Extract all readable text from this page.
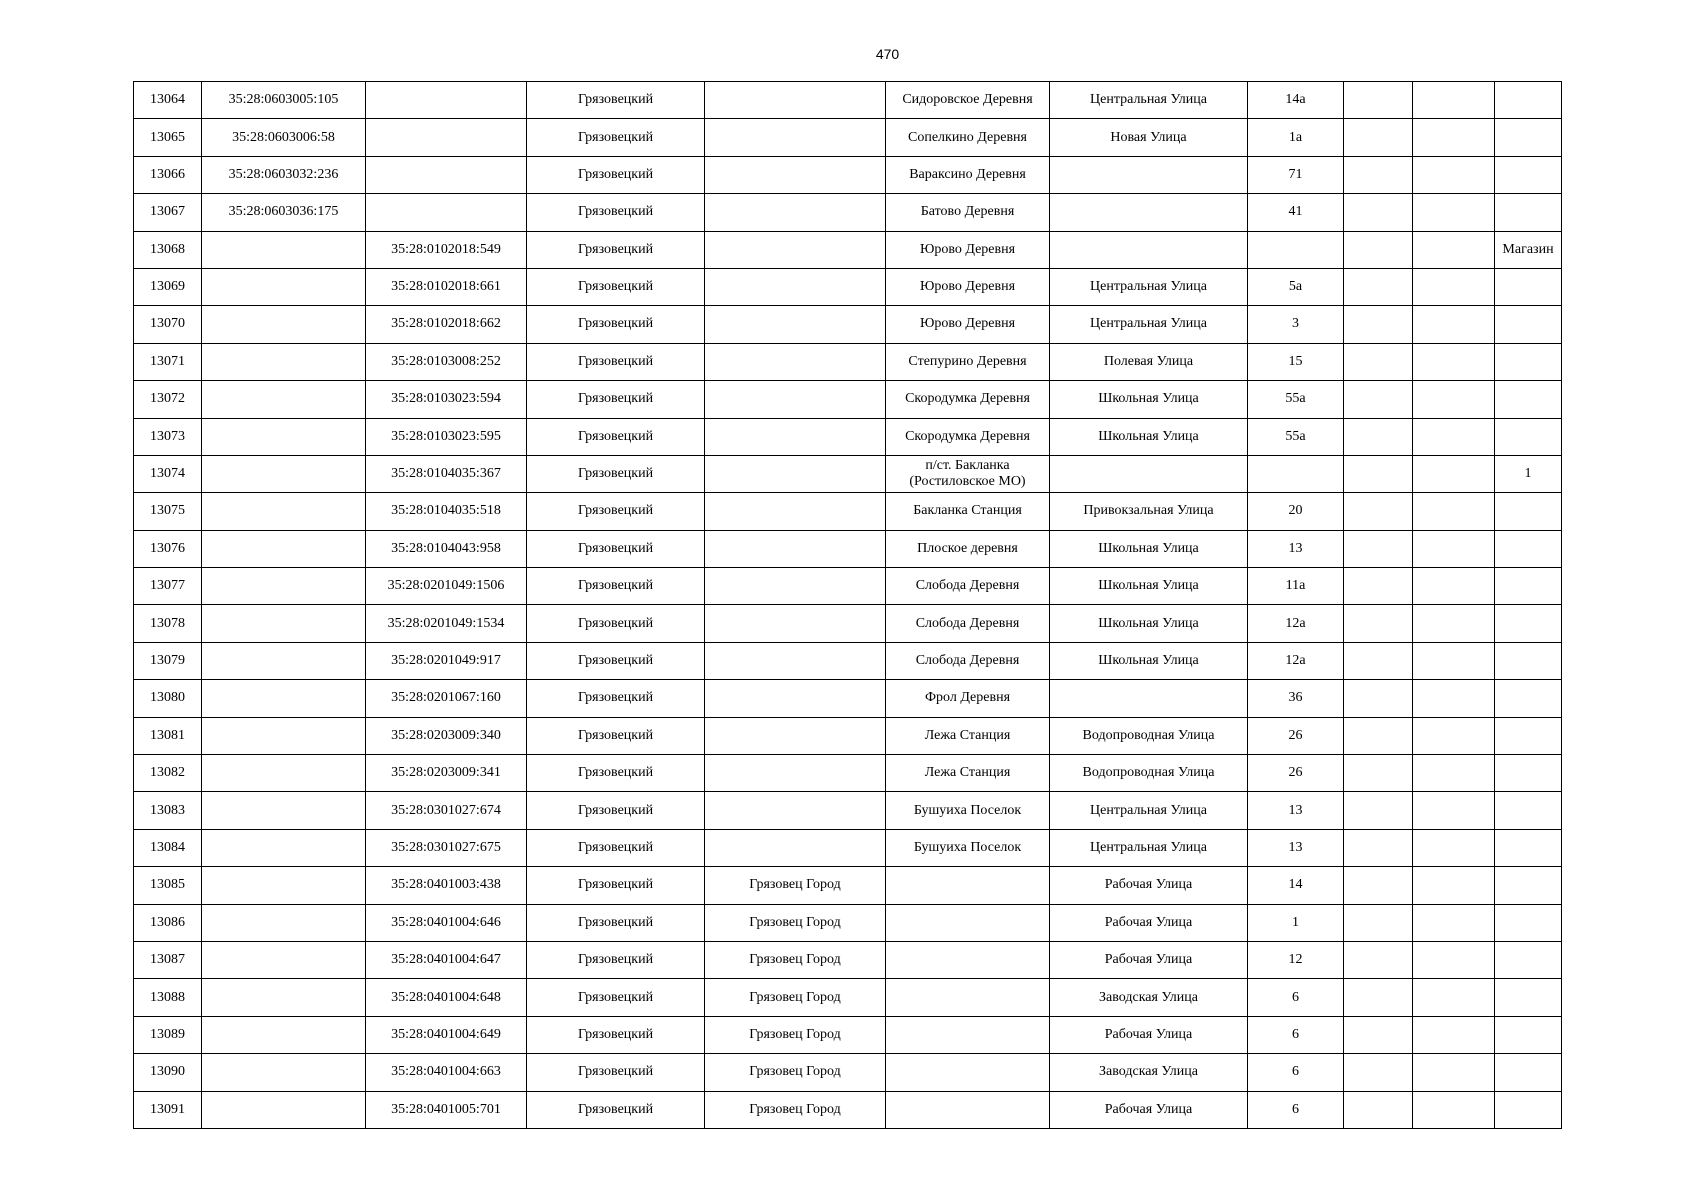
470
13064	35:28:0603005:105		Грязовецкий		Сидоровское Деревня	Центральная Улица	14а			
13065	35:28:0603006:58		Грязовецкий		Сопелкино Деревня	Новая Улица	1а			
13066	35:28:0603032:236		Грязовецкий		Вараксино Деревня		71			
13067	35:28:0603036:175		Грязовецкий		Батово Деревня		41			
13068		35:28:0102018:549	Грязовецкий		Юрово Деревня					Магазин
13069		35:28:0102018:661	Грязовецкий		Юрово Деревня	Центральная Улица	5а			
13070		35:28:0102018:662	Грязовецкий		Юрово Деревня	Центральная Улица	3			
13071		35:28:0103008:252	Грязовецкий		Степурино Деревня	Полевая Улица	15			
13072		35:28:0103023:594	Грязовецкий		Скородумка Деревня	Школьная Улица	55а			
13073		35:28:0103023:595	Грязовецкий		Скородумка Деревня	Школьная Улица	55а			
13074		35:28:0104035:367	Грязовецкий		п/ст. Бакланка (Ростиловское МО)					1
13075		35:28:0104035:518	Грязовецкий		Бакланка Станция	Привокзальная Улица	20			
13076		35:28:0104043:958	Грязовецкий		Плоское деревня	Школьная Улица	13			
13077		35:28:0201049:1506	Грязовецкий		Слобода Деревня	Школьная Улица	11а			
13078		35:28:0201049:1534	Грязовецкий		Слобода Деревня	Школьная Улица	12а			
13079		35:28:0201049:917	Грязовецкий		Слобода Деревня	Школьная Улица	12а			
13080		35:28:0201067:160	Грязовецкий		Фрол Деревня		36			
13081		35:28:0203009:340	Грязовецкий		Лежа Станция	Водопроводная Улица	26			
13082		35:28:0203009:341	Грязовецкий		Лежа Станция	Водопроводная Улица	26			
13083		35:28:0301027:674	Грязовецкий		Бушуиха Поселок	Центральная Улица	13			
13084		35:28:0301027:675	Грязовецкий		Бушуиха Поселок	Центральная Улица	13			
13085		35:28:0401003:438	Грязовецкий	Грязовец Город		Рабочая Улица	14			
13086		35:28:0401004:646	Грязовецкий	Грязовец Город		Рабочая Улица	1			
13087		35:28:0401004:647	Грязовецкий	Грязовец Город		Рабочая Улица	12			
13088		35:28:0401004:648	Грязовецкий	Грязовец Город		Заводская Улица	6			
13089		35:28:0401004:649	Грязовецкий	Грязовец Город		Рабочая Улица	6			
13090		35:28:0401004:663	Грязовецкий	Грязовец Город		Заводская Улица	6			
13091		35:28:0401005:701	Грязовецкий	Грязовец Город		Рабочая Улица	6			
